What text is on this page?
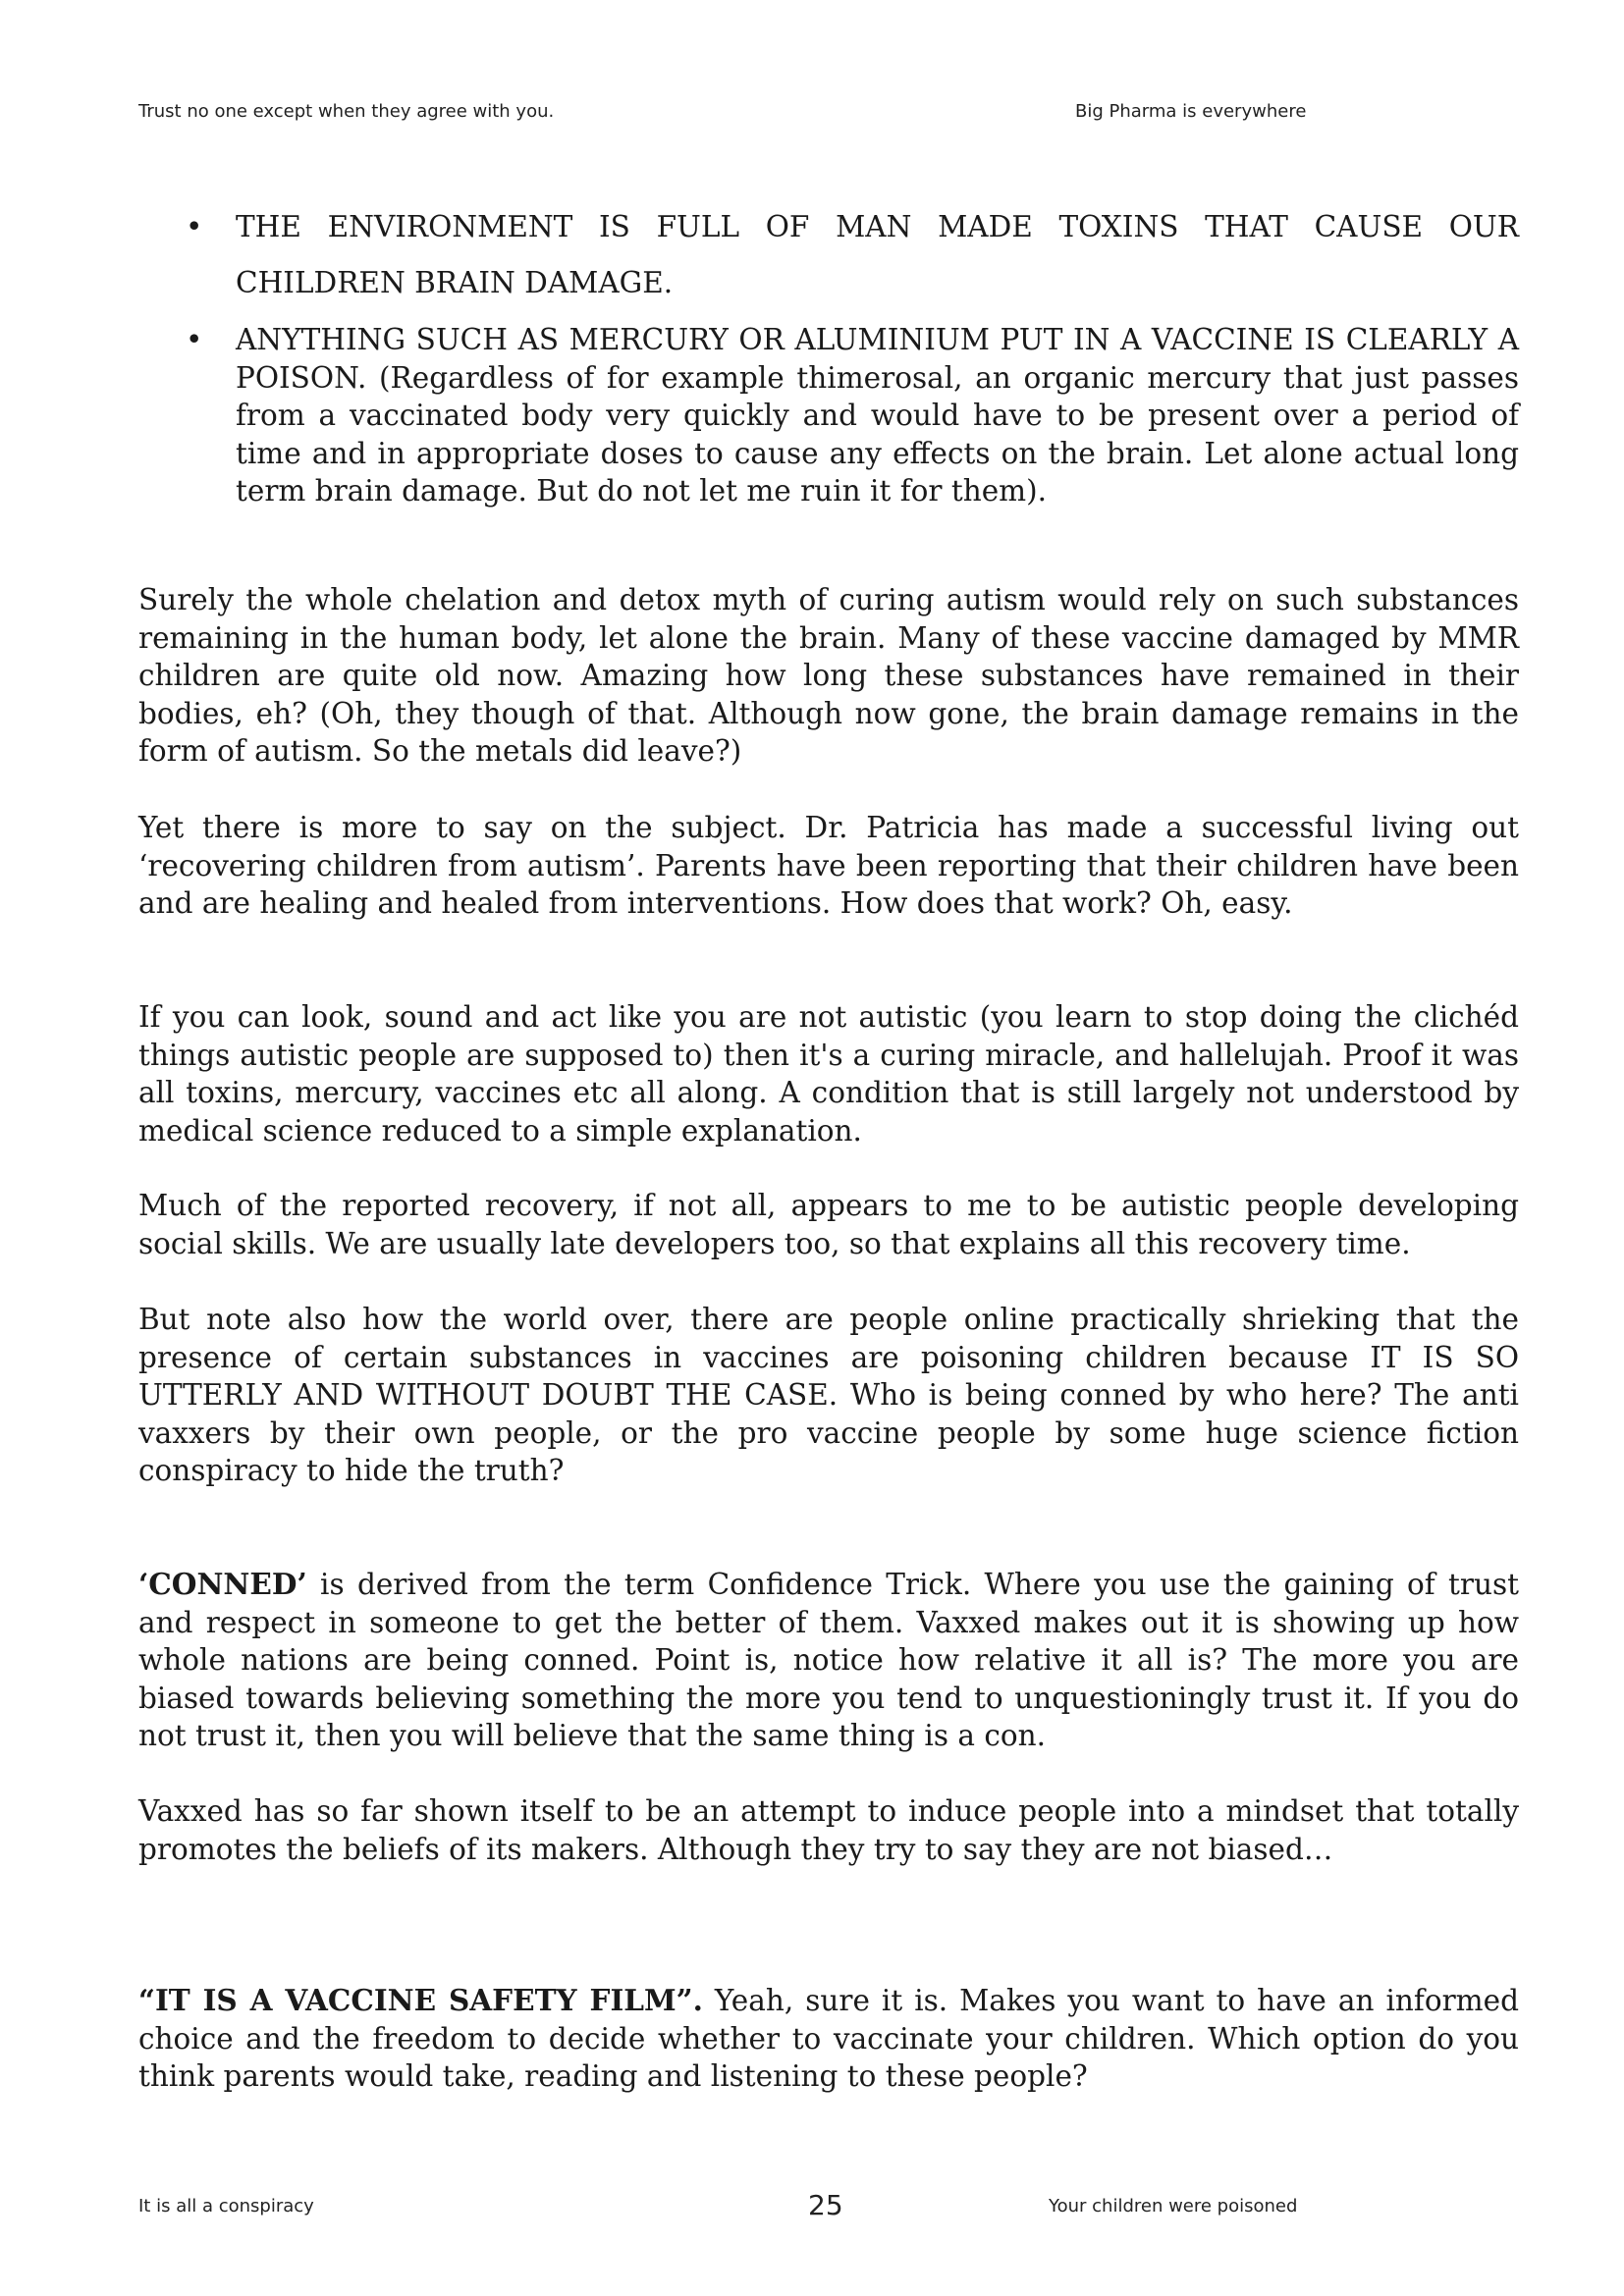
Trust no one except when they agree with you.	Big Pharma is everywhere
• THE ENVIRONMENT IS FULL OF MAN MADE TOXINS THAT CAUSE OUR CHILDREN BRAIN DAMAGE.
• ANYTHING SUCH AS MERCURY OR ALUMINIUM PUT IN A VACCINE IS CLEARLY A POISON. (Regardless of for example thimerosal, an organic mercury that just passes from a vaccinated body very quickly and would have to be present over a period of time and in appropriate doses to cause any effects on the brain. Let alone actual long term brain damage. But do not let me ruin it for them).

Surely the whole chelation and detox myth of curing autism would rely on such substances remaining in the human body, let alone the brain. Many of these vaccine damaged by MMR children are quite old now. Amazing how long these substances have remained in their bodies, eh? (Oh, they though of that. Although now gone, the brain damage remains in the form of autism. So the metals did leave?)

Yet there is more to say on the subject. Dr. Patricia has made a successful living out ‘recovering children from autism’. Parents have been reporting that their children have been and are healing and healed from interventions. How does that work? Oh, easy.

If you can look, sound and act like you are not autistic (you learn to stop doing the clichéd things autistic people are supposed to) then it's a curing miracle, and hallelujah. Proof it was all toxins, mercury, vaccines etc all along. A condition that is still largely not understood by medical science reduced to a simple explanation.

Much of the reported recovery, if not all, appears to me to be autistic people developing social skills. We are usually late developers too, so that explains all this recovery time.

But note also how the world over, there are people online practically shrieking that the presence of certain substances in vaccines are poisoning children because IT IS SO UTTERLY AND WITHOUT DOUBT THE CASE. Who is being conned by who here? The anti vaxxers by their own people, or the pro vaccine people by some huge science fiction conspiracy to hide the truth?

‘CONNED’ is derived from the term Confidence Trick. Where you use the gaining of trust and respect in someone to get the better of them. Vaxxed makes out it is showing up how whole nations are being conned. Point is, notice how relative it all is? The more you are biased towards believing something the more you tend to unquestioningly trust it. If you do not trust it, then you will believe that the same thing is a con.

Vaxxed has so far shown itself to be an attempt to induce people into a mindset that totally promotes the beliefs of its makers. Although they try to say they are not biased…

“IT IS A VACCINE SAFETY FILM”. Yeah, sure it is. Makes you want to have an informed choice and the freedom to decide whether to vaccinate your children. Which option do you think parents would take, reading and listening to these people?

It is all a conspiracy	25	Your children were poisoned
